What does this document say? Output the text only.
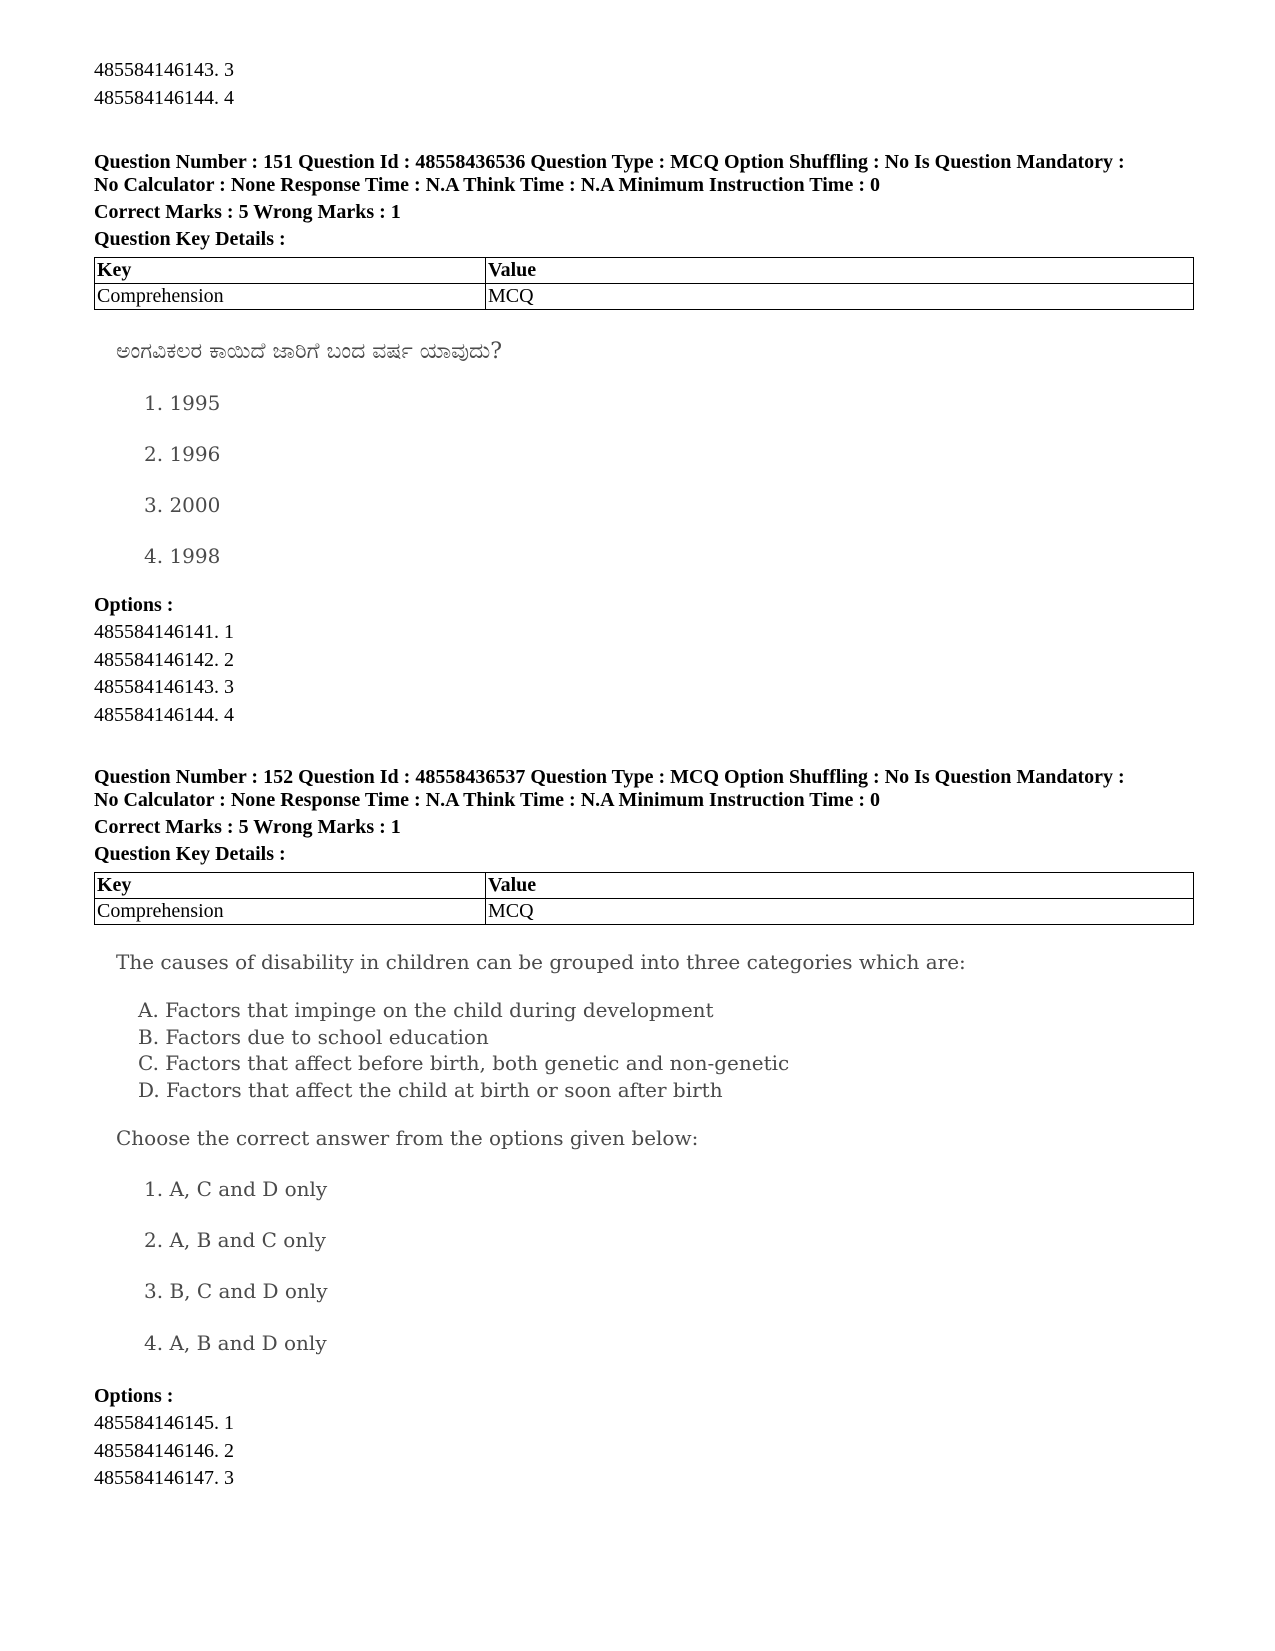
485584146143. 3
485584146144. 4
Question Number : 151 Question Id : 48558436536 Question Type : MCQ Option Shuffling : No Is Question Mandatory :
No Calculator : None Response Time : N.A Think Time : N.A Minimum Instruction Time : 0
Correct Marks : 5 Wrong Marks : 1
Question Key Details :
Key	Value
Comprehension	MCQ
ಅಂಗವಿಕಲರ ಕಾಯಿದೆ ಜಾರಿಗೆ ಬಂದ ವರ್ಷ ಯಾವುದು?
1. 1995
2. 1996
3. 2000
4. 1998
Options :
485584146141. 1
485584146142. 2
485584146143. 3
485584146144. 4
Question Number : 152 Question Id : 48558436537 Question Type : MCQ Option Shuffling : No Is Question Mandatory :
No Calculator : None Response Time : N.A Think Time : N.A Minimum Instruction Time : 0
Correct Marks : 5 Wrong Marks : 1
Question Key Details :
Key	Value
Comprehension	MCQ
The causes of disability in children can be grouped into three categories which are:
A. Factors that impinge on the child during development
B. Factors due to school education
C. Factors that affect before birth, both genetic and non-genetic
D. Factors that affect the child at birth or soon after birth
Choose the correct answer from the options given below:
1. A, C and D only
2. A, B and C only
3. B, C and D only
4. A, B and D only
Options :
485584146145. 1
485584146146. 2
485584146147. 3
